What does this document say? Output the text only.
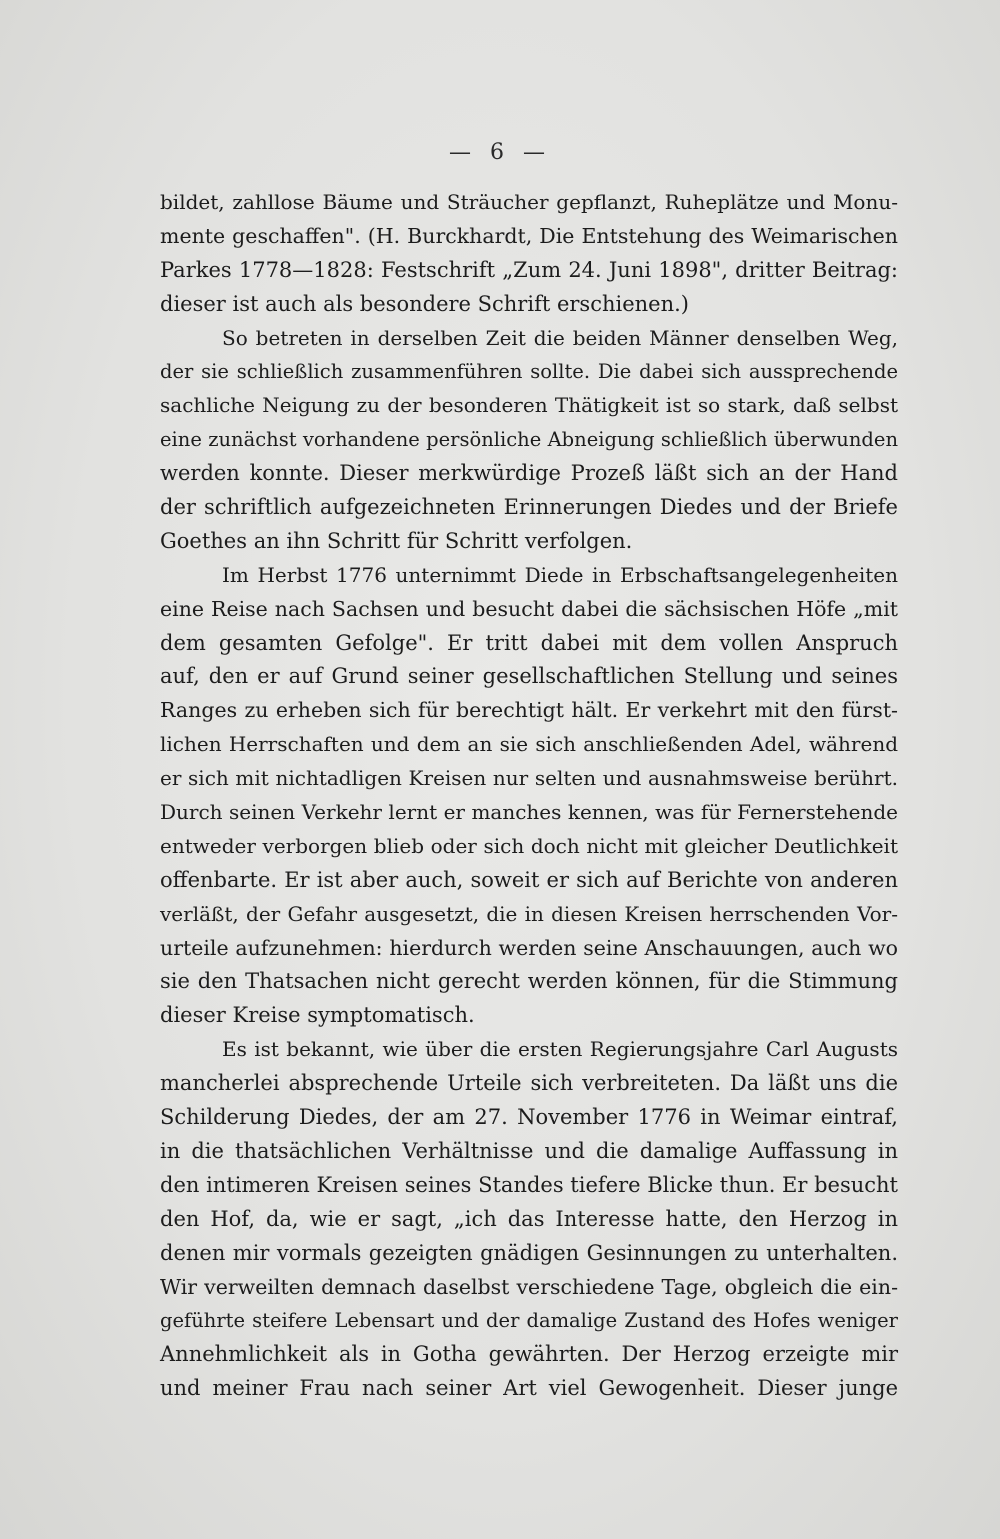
— 6 —
bildet, zahllose Bäume und Sträucher gepflanzt, Ruheplätze und Monu-
mente geschaffen". (H. Burckhardt, Die Entstehung des Weimarischen
Parkes 1778—1828: Festschrift „Zum 24. Juni 1898", dritter Beitrag:
dieser ist auch als besondere Schrift erschienen.)
So betreten in derselben Zeit die beiden Männer denselben Weg,
der sie schließlich zusammenführen sollte. Die dabei sich aussprechende
sachliche Neigung zu der besonderen Thätigkeit ist so stark, daß selbst
eine zunächst vorhandene persönliche Abneigung schließlich überwunden
werden konnte. Dieser merkwürdige Prozeß läßt sich an der Hand
der schriftlich aufgezeichneten Erinnerungen Diedes und der Briefe
Goethes an ihn Schritt für Schritt verfolgen.
Im Herbst 1776 unternimmt Diede in Erbschaftsangelegenheiten
eine Reise nach Sachsen und besucht dabei die sächsischen Höfe „mit
dem gesamten Gefolge". Er tritt dabei mit dem vollen Anspruch
auf, den er auf Grund seiner gesellschaftlichen Stellung und seines
Ranges zu erheben sich für berechtigt hält. Er verkehrt mit den fürst-
lichen Herrschaften und dem an sie sich anschließenden Adel, während
er sich mit nichtadligen Kreisen nur selten und ausnahmsweise berührt.
Durch seinen Verkehr lernt er manches kennen, was für Fernerstehende
entweder verborgen blieb oder sich doch nicht mit gleicher Deutlichkeit
offenbarte. Er ist aber auch, soweit er sich auf Berichte von anderen
verläßt, der Gefahr ausgesetzt, die in diesen Kreisen herrschenden Vor-
urteile aufzunehmen: hierdurch werden seine Anschauungen, auch wo
sie den Thatsachen nicht gerecht werden können, für die Stimmung
dieser Kreise symptomatisch.
Es ist bekannt, wie über die ersten Regierungsjahre Carl Augusts
mancherlei absprechende Urteile sich verbreiteten. Da läßt uns die
Schilderung Diedes, der am 27. November 1776 in Weimar eintraf,
in die thatsächlichen Verhältnisse und die damalige Auffassung in
den intimeren Kreisen seines Standes tiefere Blicke thun. Er besucht
den Hof, da, wie er sagt, „ich das Interesse hatte, den Herzog in
denen mir vormals gezeigten gnädigen Gesinnungen zu unterhalten.
Wir verweilten demnach daselbst verschiedene Tage, obgleich die ein-
geführte steifere Lebensart und der damalige Zustand des Hofes weniger
Annehmlichkeit als in Gotha gewährten. Der Herzog erzeigte mir
und meiner Frau nach seiner Art viel Gewogenheit. Dieser junge
